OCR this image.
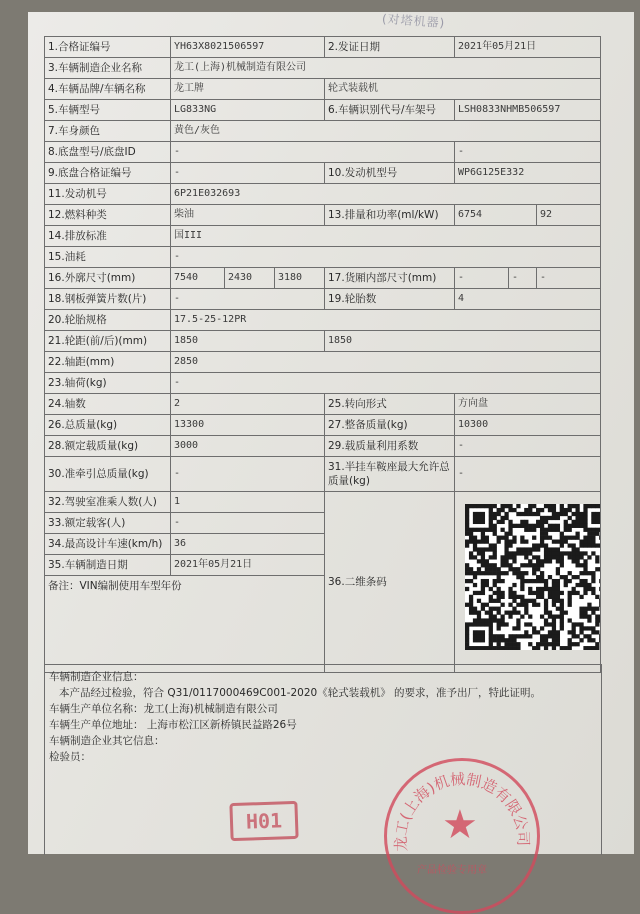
(对塔机器)
1.合格证编号	YH63X8021506597			2.发证日期	2021年05月21日		
3.车辆制造企业名称	龙工(上海)机械制造有限公司						
4.车辆品牌/车辆名称	龙工牌			轮式装载机			
5.车辆型号	LG833NG			6.车辆识别代号/车架号	LSH0833NHMB506597		
7.车身颜色	黄色/灰色						
8.底盘型号/底盘ID	-				-		
9.底盘合格证编号	-			10.发动机型号	WP6G125E332		
11.发动机号	6P21E032693						
12.燃料种类	柴油			13.排量和功率(ml/kW)	6754		92
14.排放标准	国III						
15.油耗	-						
16.外廓尺寸(mm)	7540	2430	3180	17.货厢内部尺寸(mm)	-	-	-
18.钢板弹簧片数(片)	-			19.轮胎数	4		
20.轮胎规格	17.5-25-12PR						
21.轮距(前/后)(mm)	1850			1850			
22.轴距(mm)	2850						
23.轴荷(kg)	-						
24.轴数	2			25.转向形式	方向盘		
26.总质量(kg)	13300			27.整备质量(kg)	10300		
28.额定载质量(kg)	3000			29.载质量利用系数	-		
30.准牵引总质量(kg)	-			31.半挂车鞍座最大允许总质量(kg)	-		
32.驾驶室准乘人数(人)	1			36.二维条码	

33.额定载客(人)	-						
34.最高设计车速(km/h)	36						
35.车辆制造日期	2021年05月21日						
备注：VIN编制使用车型年份							
车辆制造企业信息：
本产品经过检验，符合 Q31/0117000469C001-2020《轮式装载机》 的要求，准予出厂，特此证明。
车辆生产单位名称：龙工(上海)机械制造有限公司
车辆生产单位地址： 上海市松江区新桥镇民益路26号
车辆制造企业其它信息：
检验员：
H01
龙工(上海)机械制造有限公司
★
产品检验专用章
